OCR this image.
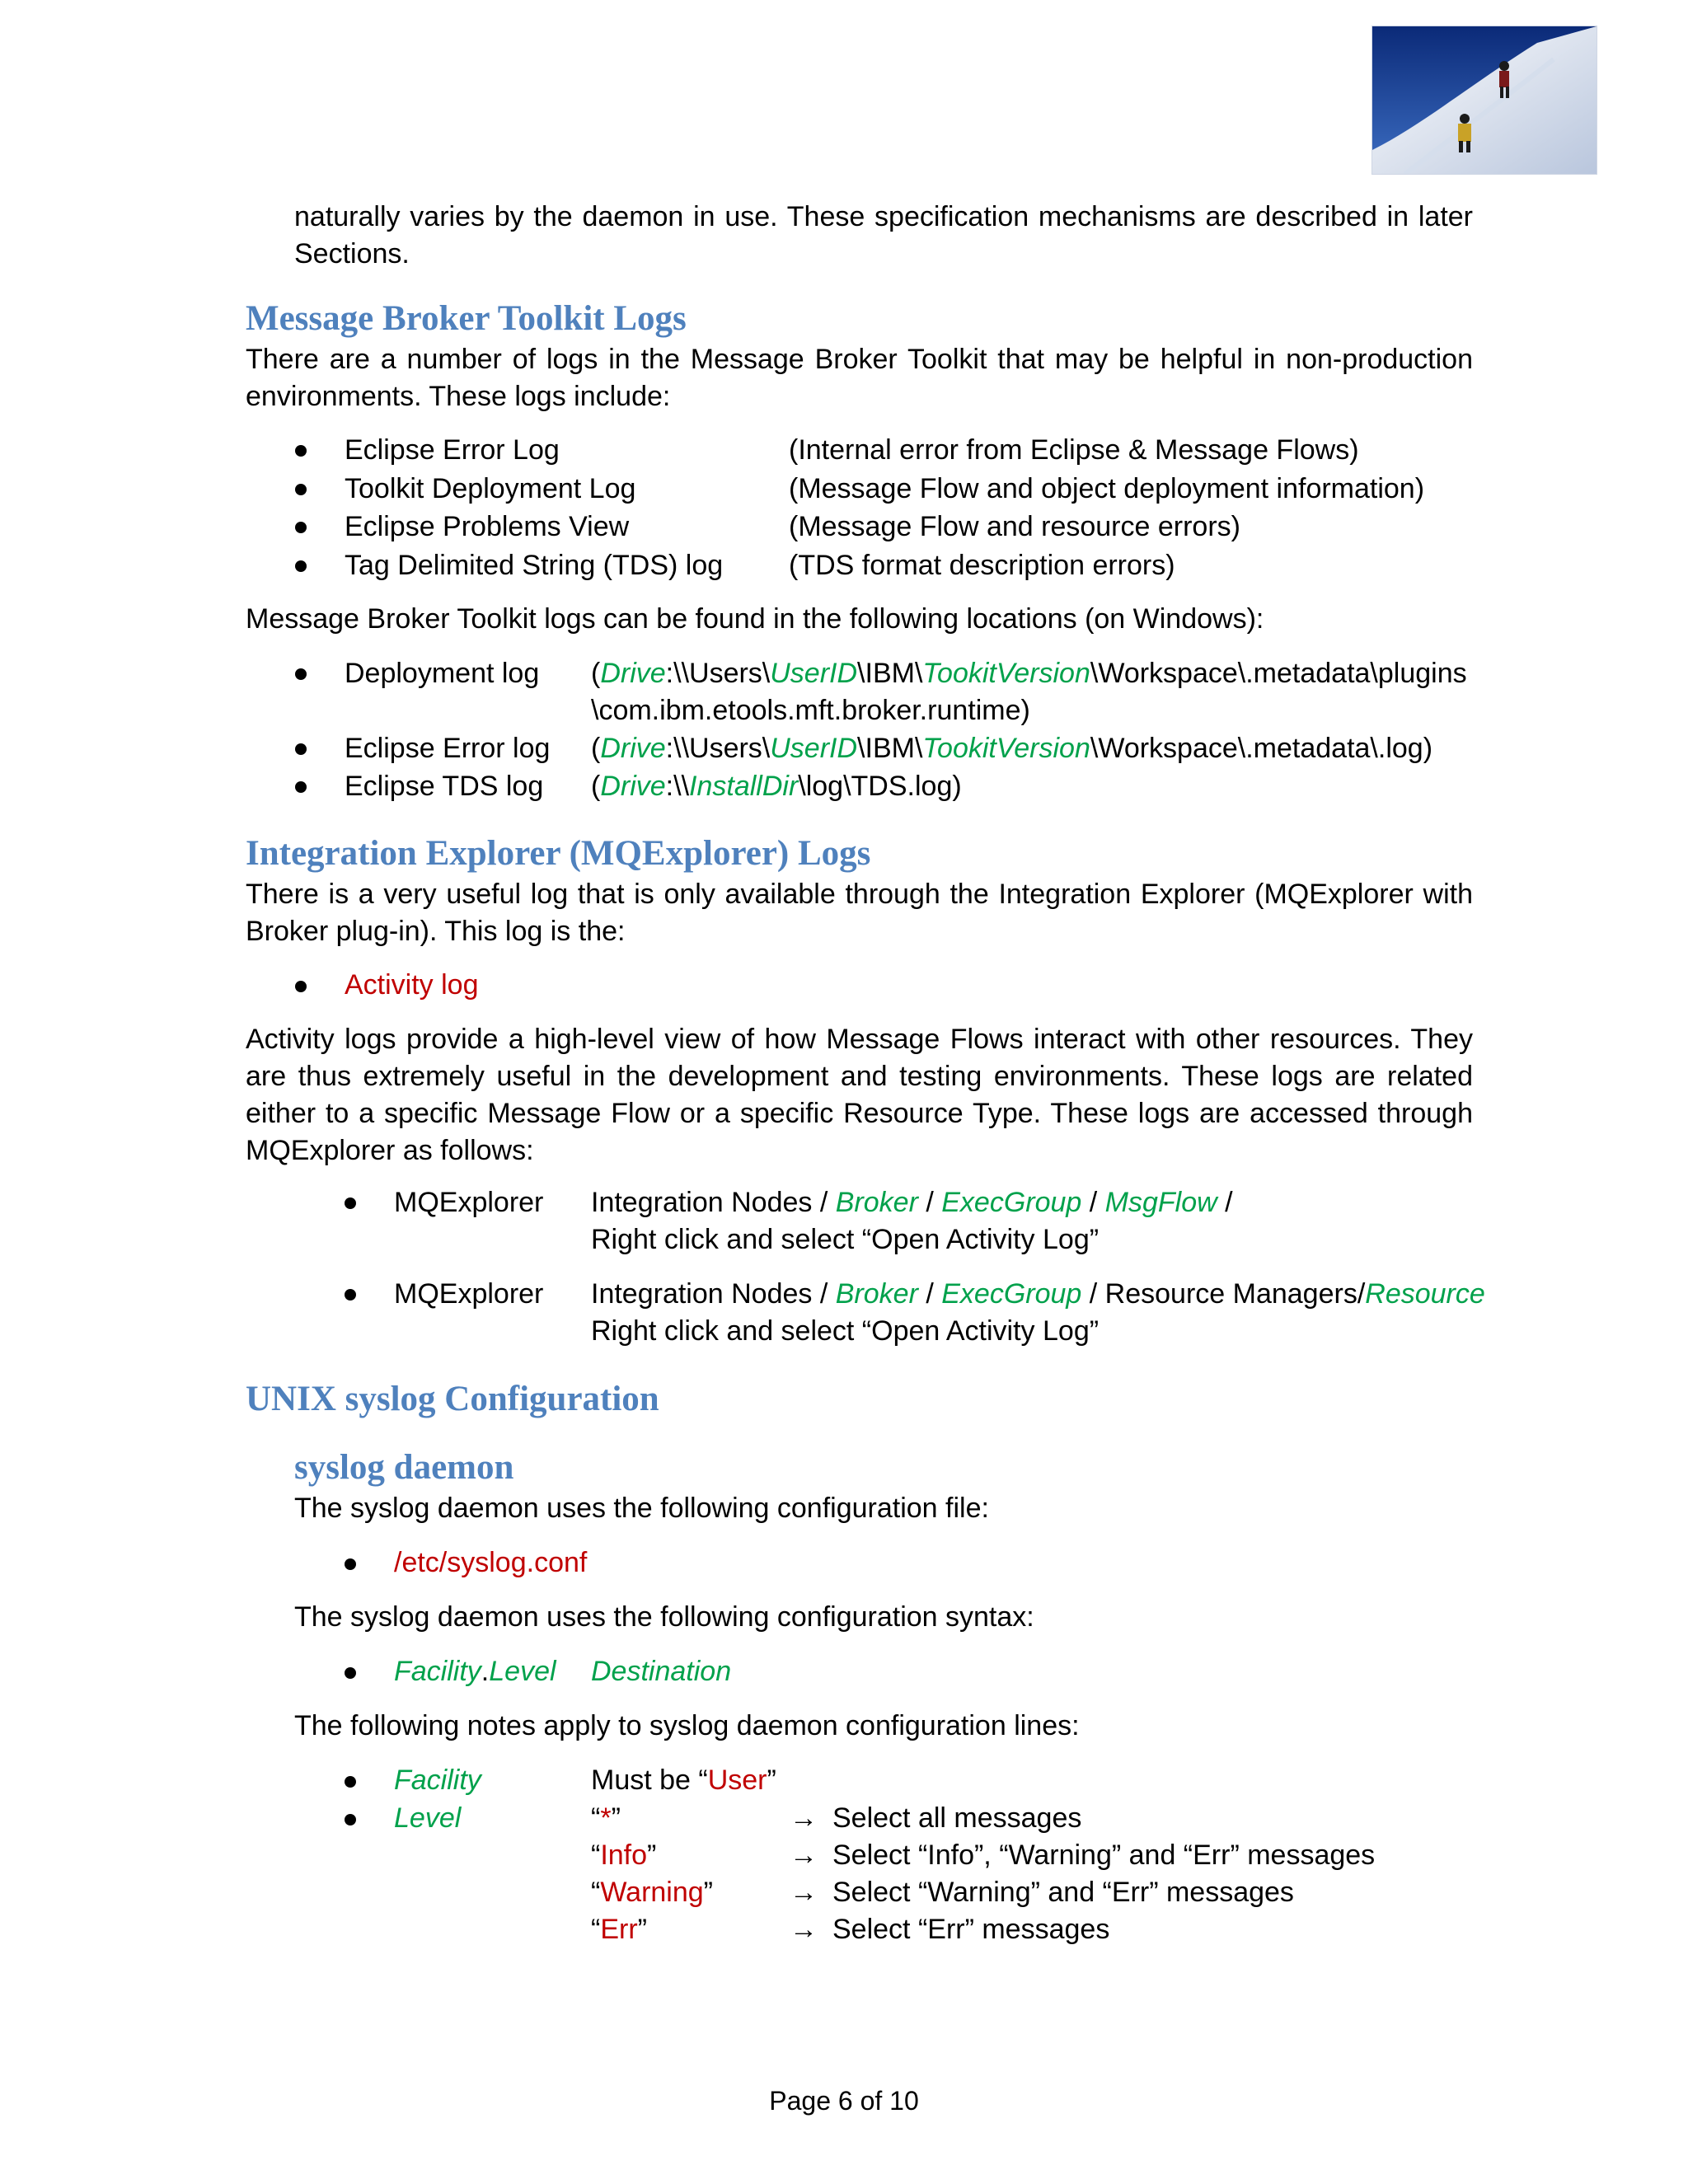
naturally varies by the daemon in use. These specification mechanisms are described in later
Sections.
Message Broker Toolkit Logs
There are a number of logs in the Message Broker Toolkit that may be helpful in non-production
environments. These logs include:
Eclipse Error Log	(Internal error from Eclipse & Message Flows)
Toolkit Deployment Log	(Message Flow and object deployment information)
Eclipse Problems View	(Message Flow and resource errors)
Tag Delimited String (TDS) log (TDS format description errors)
Message Broker Toolkit logs can be found in the following locations (on Windows):
Deployment log (Drive:\\Users\UserID\IBM\TookitVersion\Workspace\.metadata\plugins
\com.ibm.etools.mft.broker.runtime)
Eclipse Error log (Drive:\\Users\UserID\IBM\TookitVersion\Workspace\.metadata\.log)
Eclipse TDS log (Drive:\\InstallDir\log\TDS.log)
Integration Explorer (MQExplorer) Logs
There is a very useful log that is only available through the Integration Explorer (MQExplorer with
Broker plug-in). This log is the:
Activity log
Activity logs provide a high-level view of how Message Flows interact with other resources. They
are thus extremely useful in the development and testing environments. These logs are related
either to a specific Message Flow or a specific Resource Type. These logs are accessed through
MQExplorer as follows:
MQExplorer Integration Nodes / Broker / ExecGroup / MsgFlow /
Right click and select “Open Activity Log”
MQExplorer Integration Nodes / Broker / ExecGroup / Resource Managers/Resource
Right click and select “Open Activity Log”
UNIX syslog Configuration
syslog daemon
The syslog daemon uses the following configuration file:
/etc/syslog.conf
The syslog daemon uses the following configuration syntax:
Facility.Level Destination
The following notes apply to syslog daemon configuration lines:
Facility	Must be “User”
Level	“*”	→ Select all messages
“Info”	→ Select “Info”, “Warning” and “Err” messages
“Warning”	→ Select “Warning” and “Err” messages
“Err”	→ Select “Err” messages
Page 6 of 10
